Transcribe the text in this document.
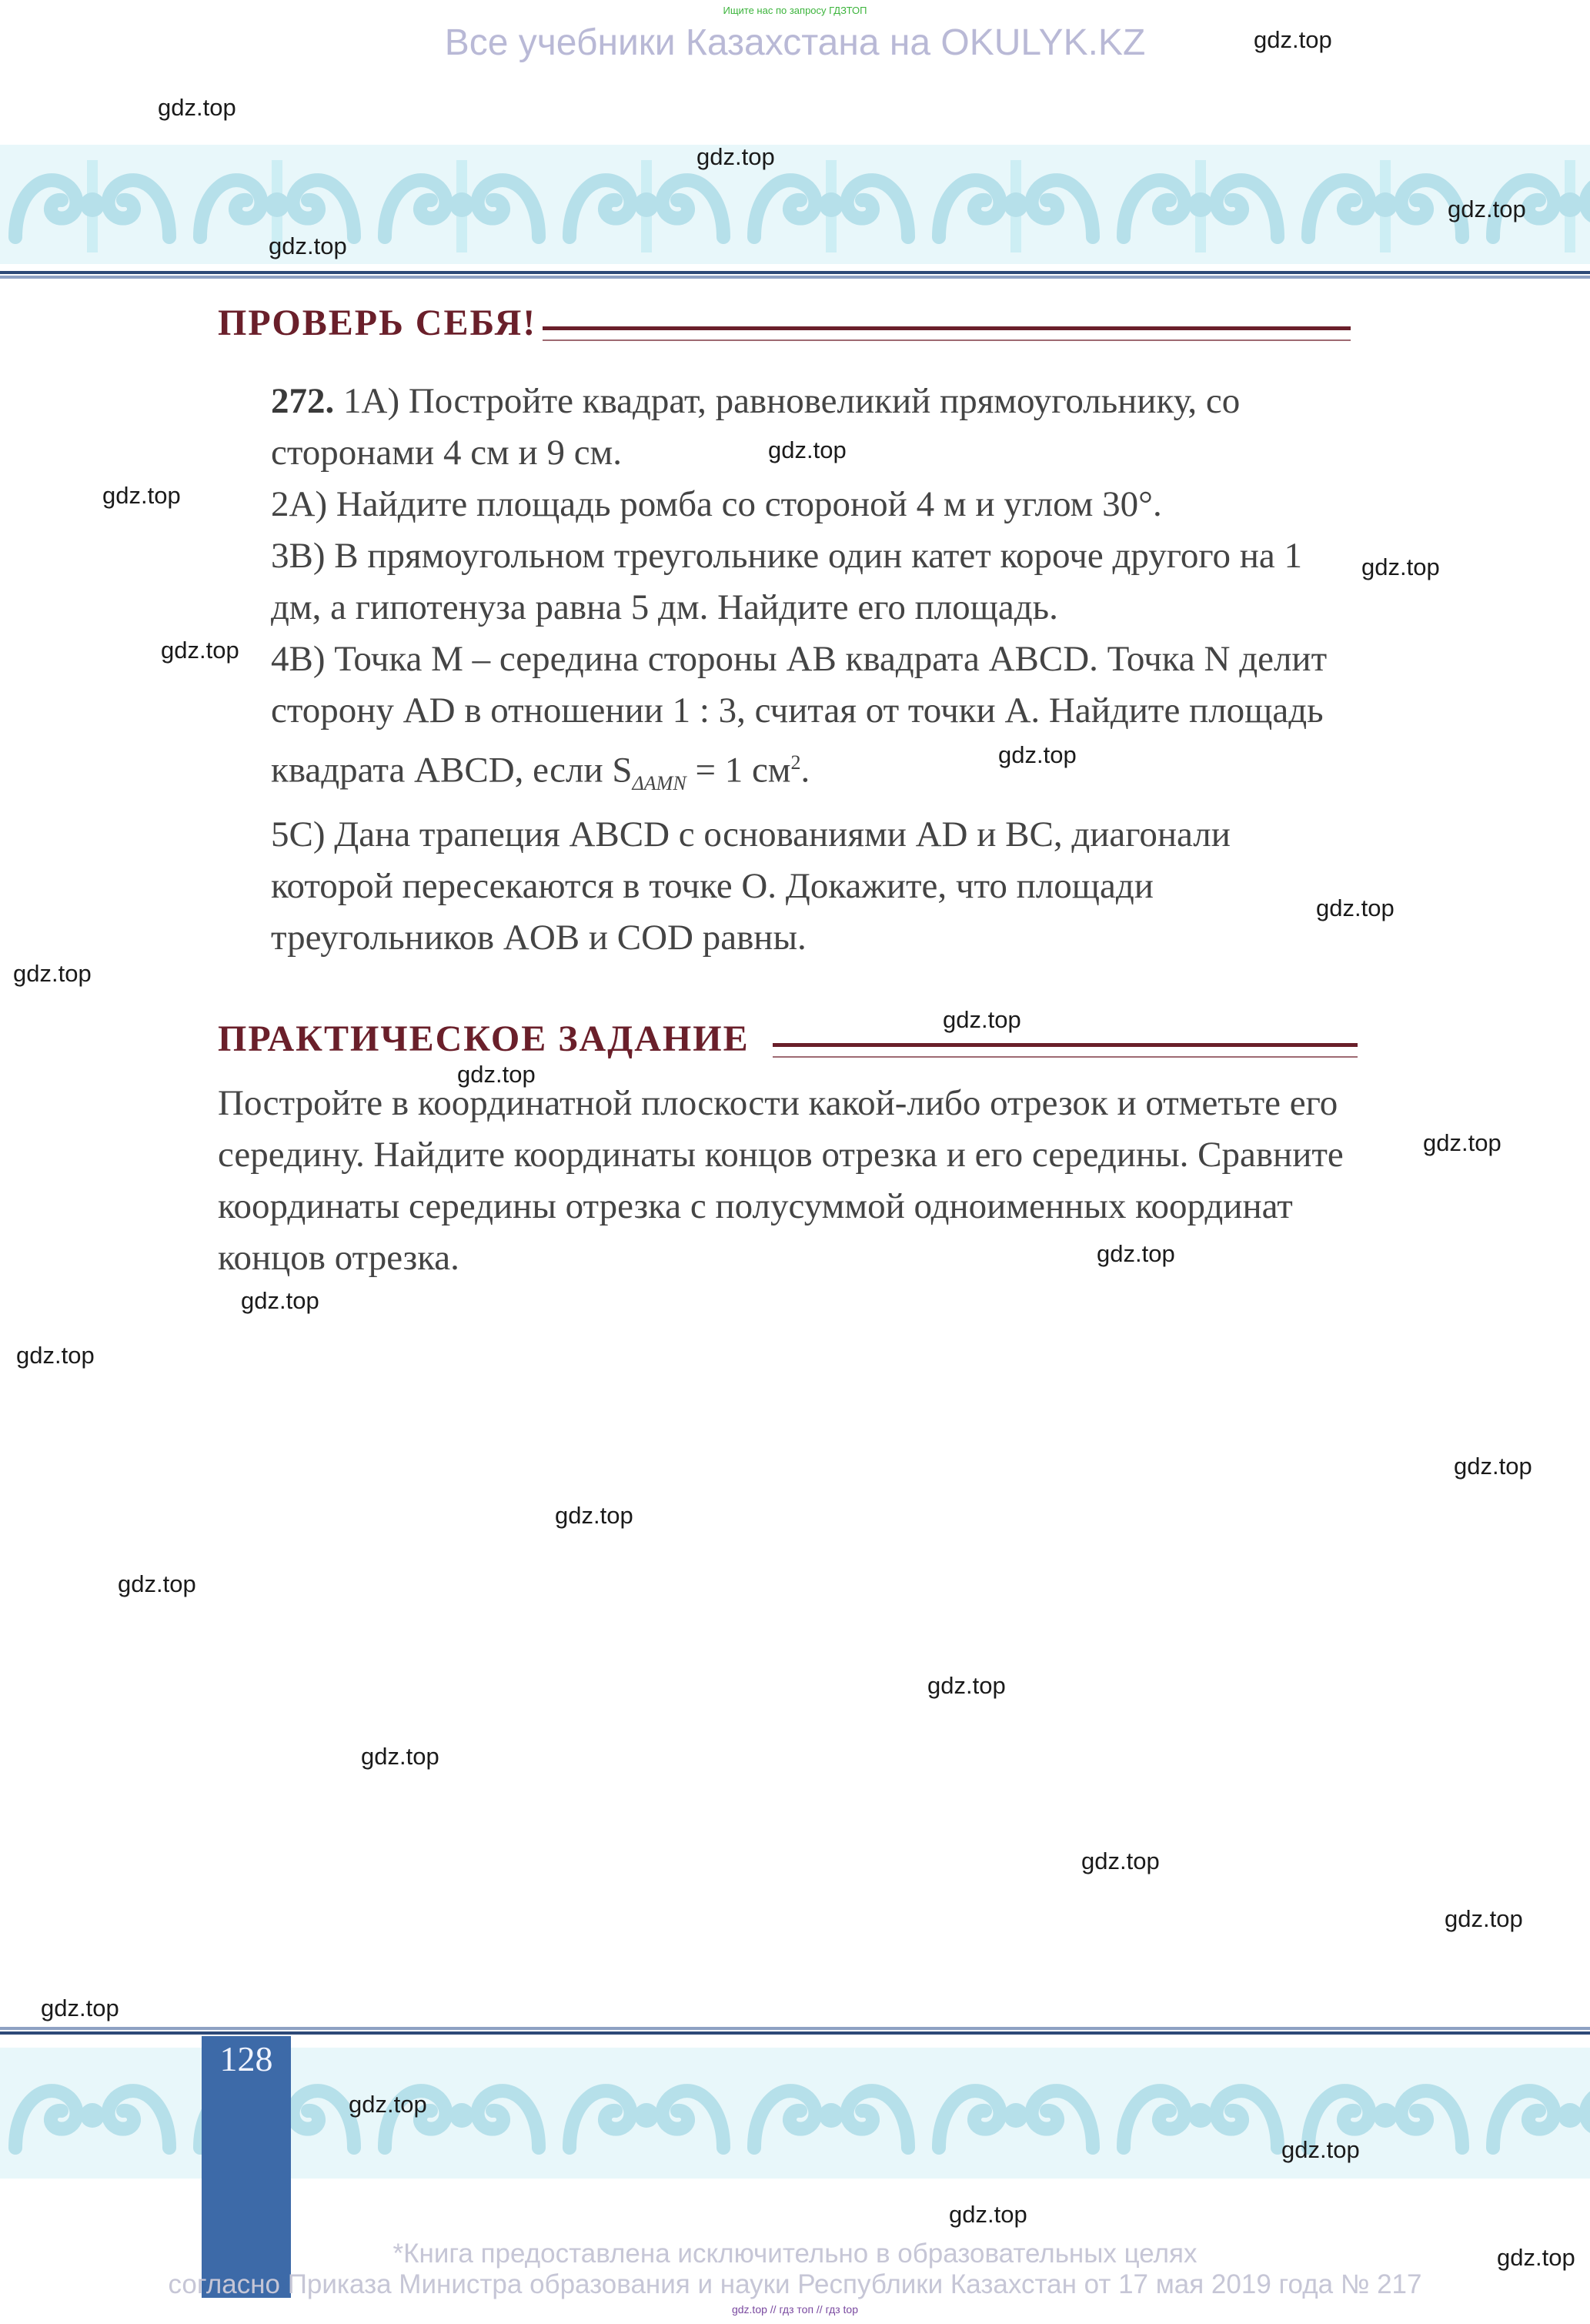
Ищите нас по запросу ГДЗТОП
Все учебники Казахстана на OKULYK.KZ
ПРОВЕРЬ СЕБЯ!

272. 1А) Постройте квадрат, равновеликий прямоугольнику, со сторонами 4 см и 9 см.

2А) Найдите площадь ромба со стороной 4 м и углом 30°.

3В) В прямоугольном треугольнике один катет короче другого на 1 дм, а гипотенуза равна 5 дм. Найдите его площадь.

4В) Точка M – середина стороны AB квадрата ABCD. Точка N делит сторону AD в отношении 1 : 3, считая от точки A. Найдите площадь квадрата ABCD, если $S_{\Delta AMN} = 1$ $см^2$.

5С) Дана трапеция ABCD с основаниями AD и BC, диагонали которой пересекаются в точке O. Докажите, что площади треугольников AOB и COD равны.

ПРАКТИЧЕСКОЕ ЗАДАНИЕ
Постройте в координатной плоскости какой-либо отрезок и отметьте его середину. Найдите координаты концов отрезка и его середины. Сравните координаты середины отрезка с полусуммой одноименных координат концов отрезка.
128
*Книга предоставлена исключительно в образовательных целях
согласно Приказа Министра образования и науки Республики Казахстан от 17 мая 2019 года № 217
gdz.top // гдз топ // гдз top
gdz.top
gdz.top
gdz.top
gdz.top
gdz.top
gdz.top
gdz.top
gdz.top
gdz.top
gdz.top
gdz.top
gdz.top
gdz.top
gdz.top
gdz.top
gdz.top
gdz.top
gdz.top
gdz.top
gdz.top
gdz.top
gdz.top
gdz.top
gdz.top
gdz.top
gdz.top
gdz.top
gdz.top
gdz.top
gdz.top
